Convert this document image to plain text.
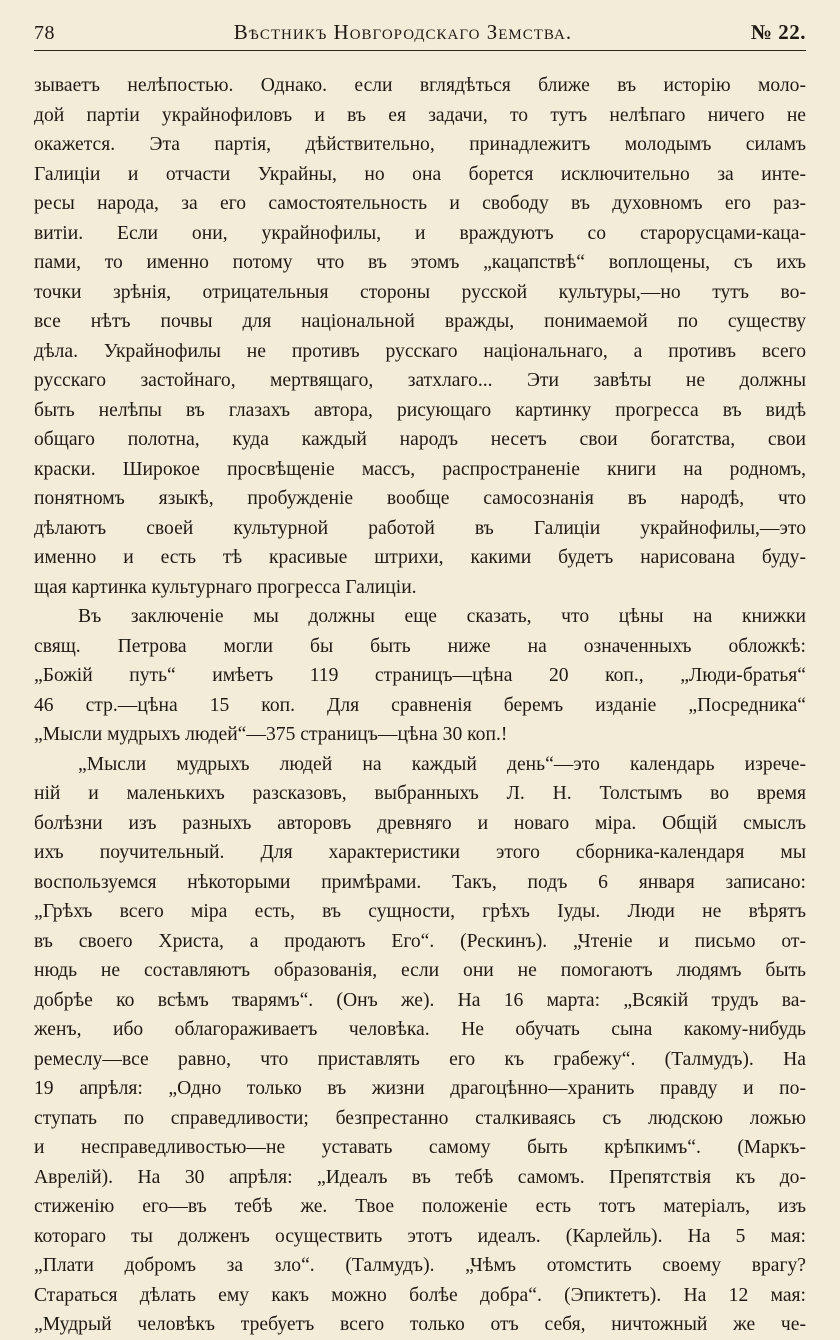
78	Вѣстникъ Новгородскаго Земства.	№ 22.
зываетъ нелѣпостью. Однако. если вглядѣться ближе въ исторію моло-
дой партіи украйнофиловъ и въ ея задачи, то тутъ нелѣпаго ничего не
окажется. Эта партія, дѣйствительно, принадлежитъ молодымъ силамъ
Галиціи и отчасти Украйны, но она борется исключительно за инте-
ресы народа, за его самостоятельность и свободу въ духовномъ его раз-
витіи. Если они, украйнофилы, и враждуютъ со старорусцами-каца-
пами, то именно потому что въ этомъ „кацапствѣ“ воплощены, съ ихъ
точки зрѣнія, отрицательныя стороны русской культуры,—но тутъ во-
все нѣтъ почвы для національной вражды, понимаемой по существу
дѣла. Украйнофилы не противъ русскаго національнаго, а противъ всего
русскаго застойнаго, мертвящаго, затхлаго... Эти завѣты не должны
быть нелѣпы въ глазахъ автора, рисующаго картинку прогресса въ видѣ
общаго полотна, куда каждый народъ несетъ свои богатства, свои
краски. Широкое просвѣщеніе массъ, распространеніе книги на родномъ,
понятномъ языкѣ, пробужденіе вообще самосознанія въ народѣ, что
дѣлаютъ своей культурной работой въ Галиціи украйнофилы,—это
именно и есть тѣ красивые штрихи, какими будетъ нарисована буду-
щая картинка культурнаго прогресса Галиціи.
Въ заключеніе мы должны еще сказать, что цѣны на книжки
свящ. Петрова могли бы быть ниже на означенныхъ обложкѣ:
„Божій путь“ имѣетъ 119 страницъ—цѣна 20 коп., „Люди-братья“
46 стр.—цѣна 15 коп. Для сравненія беремъ изданіе „Посредника“
„Мысли мудрыхъ людей“—375 страницъ—цѣна 30 коп.!
„Мысли мудрыхъ людей на каждый день“—это календарь изрече-
ній и маленькихъ разсказовъ, выбранныхъ Л. Н. Толстымъ во время
болѣзни изъ разныхъ авторовъ древняго и новаго міра. Общій смыслъ
ихъ поучительный. Для характеристики этого сборника-календаря мы
воспользуемся нѣкоторыми примѣрами. Такъ, подъ 6 января записано:
„Грѣхъ всего міра есть, въ сущности, грѣхъ Іуды. Люди не вѣрятъ
въ своего Христа, а продаютъ Его“. (Рескинъ). „Чтеніе и письмо от-
нюдь не составляютъ образованія, если они не помогаютъ людямъ быть
добрѣе ко всѣмъ тварямъ“. (Онъ же). На 16 марта: „Всякій трудъ ва-
женъ, ибо облагораживаетъ человѣка. Не обучать сына какому-нибудь
ремеслу—все равно, что приставлять его къ грабежу“. (Талмудъ). На
19 апрѣля: „Одно только въ жизни драгоцѣнно—хранить правду и по-
ступать по справедливости; безпрестанно сталкиваясь съ людскою ложью
и несправедливостью—не уставать самому быть крѣпкимъ“. (Маркъ-
Аврелій). На 30 апрѣля: „Идеалъ въ тебѣ самомъ. Препятствія къ до-
стиженію его—въ тебѣ же. Твое положеніе есть тотъ матеріалъ, изъ
котораго ты долженъ осуществить этотъ идеалъ. (Карлейль). На 5 мая:
„Плати добромъ за зло“. (Талмудъ). „Чѣмъ отомстить своему врагу?
Стараться дѣлать ему какъ можно болѣе добра“. (Эпиктетъ). На 12 мая:
„Мудрый человѣкъ требуетъ всего только отъ себя, ничтожный же че-
